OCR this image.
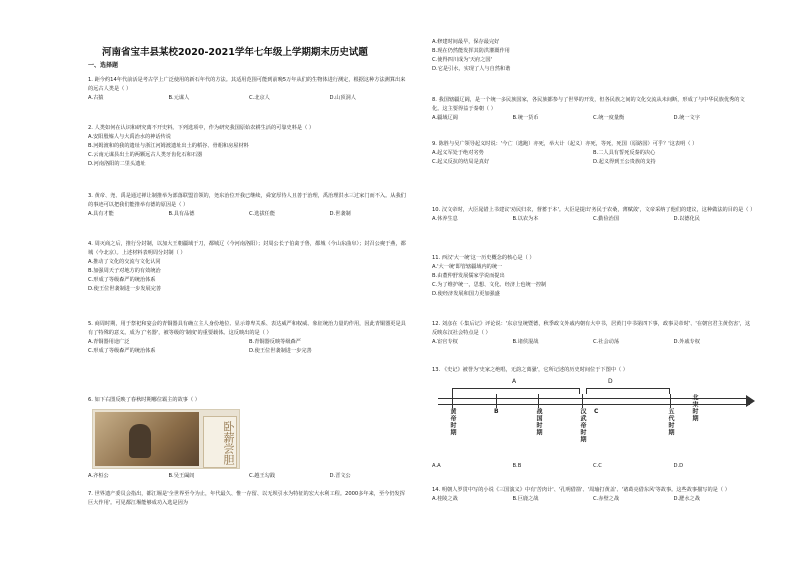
河南省宝丰县某校2020-2021学年七年级上学期期末历史试题
一、选择题
1. 距今约14年代前活是考古学上广泛使用的新石年代的方法。其适用范围可能到前晚5万年从们的生物体进行测定，根据这种方法测算出来的远古人类是（ ）
A.古猿	B.元谋人	C.北京人	D.山顶洞人
2. 人类如何在认识和研究离不开史料。下列选项中，作为研究我国原始农耕生活的可靠史料是（ ）
A.安阳殷墟人与大禹治水的神话传说
B.河姆渡和的我的遗址与浙江河姆渡遗址出土的稻谷、骨耜和房屋材料
C.云南元谋县出土的两颗远古人类牙齿化石和石器
D.河南洛阳的二里头遗址
3. 黄帝、尧、禹是通过禅让制推举为部落联盟首领的，尧东治位开我已继续，舜宽厚待人且善于治理，禹治理洪水三过家门而不入。从我们的事迹可以把我们能推举有德的原因是（ ）
A.具有才能	B.具有品德	C.选拔任能	D.世袭制
4. 周灭商之后，推行分封制，以加大王朝疆域于刀，都城辽（今河南洛阳）；封周公长子伯禽于鲁，都城（今山东曲阜）；封召公奭于燕，都城（今北京）。上述材料表明周分封制（ ）
A.推动了文化的交流与文化认同
B.加强周天子对地方的有效统治
C.形成了等级森严的统治体系
D.使王位世袭制进一步发展完善
5. 商周时期，用于祭祀和宴会的青铜器具有确立主人身份地位、显示尊卑关系、表达威严和权威、象征统治力量的作用，因此青铜器更是具有了特殊的意义。成为了'名器'，被等级的'制度'的重要载体。这反映出的是（ ）
A.青铜器用途广泛	B.青铜器反映等级森严
C.形成了等级森严的统治体系	D.使王位世袭制进一步完善
6. 如下右图反映了春秋时期哪位霸主的故事（ ）
卧薪尝胆
A.齐桓公	B.吴王阖闾	C.越王勾践	D.晋文公
7. 世界遗产委员会指出，都江堰是'全世界至今为止，年代最久、惟一存留、以无坝引水为特征的宏大水利工程。2000多年来，至今仍发挥巨大作用'。可见都江堰能够成功入选是因为
A.修建时间最早，保存最完好
B.现在仍然能发挥其防洪灌溉作用
C.使得四川成为'天府之国'
D.它是引水，实现了人与自然和谐
8. 我国辖疆辽阔，是一个统一多民族国家，各民族都参与了世界的开发，但各民族之间的文化交流从未间断，形成了与中华民族优秀的文化。这主要得益于秦朝（ ）
A.疆域辽阔	B.统一货币	C.统一度量衡	D.统一文字
9. 陈胜与吴广领导起义时说：'今亡（逃跑）亦死，举大计（起义）亦死，等死，死国（原路国）可乎？'这表明（ ）
A.起义军处于绝对劣势	B.二人具有誓死反秦的决心
C.起义反抗的结局是真好	D.起义得到王公贵族的支持
10. 汉文帝时，大臣晁错上书建议'劝民归农，督蓄于本'。大臣是提出'务民于农桑，薄赋敛'，文帝采纳了他们的建议，这种做法的目的是（ ）
A.休养生息	B.以农为本	C.勤俭治国	D.以德化民
11. 西汉'大一统'这一历史概念的核心是（ ）
A.'大一统'即管辖疆域内的统一
B.由董仲舒发展儒家学说而提出
C.为了维护统一，思想、文化、经济上也统一控制
D.使经济发展和国力更加强盛
12. 刘彦在《·集后记》评论说：'东京皇统暨德，秋季政文外戚内朝有大中书，居黄门中书第四下事，政事灵帝时'、'在朝宫君主黄伤害'，这反映东汉社会特点是（ ）
A.宦官专权	B.诸侯混战	C.社会动荡	D.外戚专权
13. 《史记》被誉为'史家之绝唱，无韵之离骚'，它所记述的历史时间位于下图中（ ）
A	D
黄帝时期	B	战国时期	汉武帝时期 C	五代时期	北宋时期
A.A	B.B	C.C	D.D
14. 明朝人罗贯中写的小说《三国演义》中有'苦肉计'、'孔明借箭'、'周瑜打黄盖'、'诸葛亮借东风'等故事。这些故事描写的是（ ）
A.桂陵之战	B.巨鹿之战	C.赤壁之战	D.淝水之战
